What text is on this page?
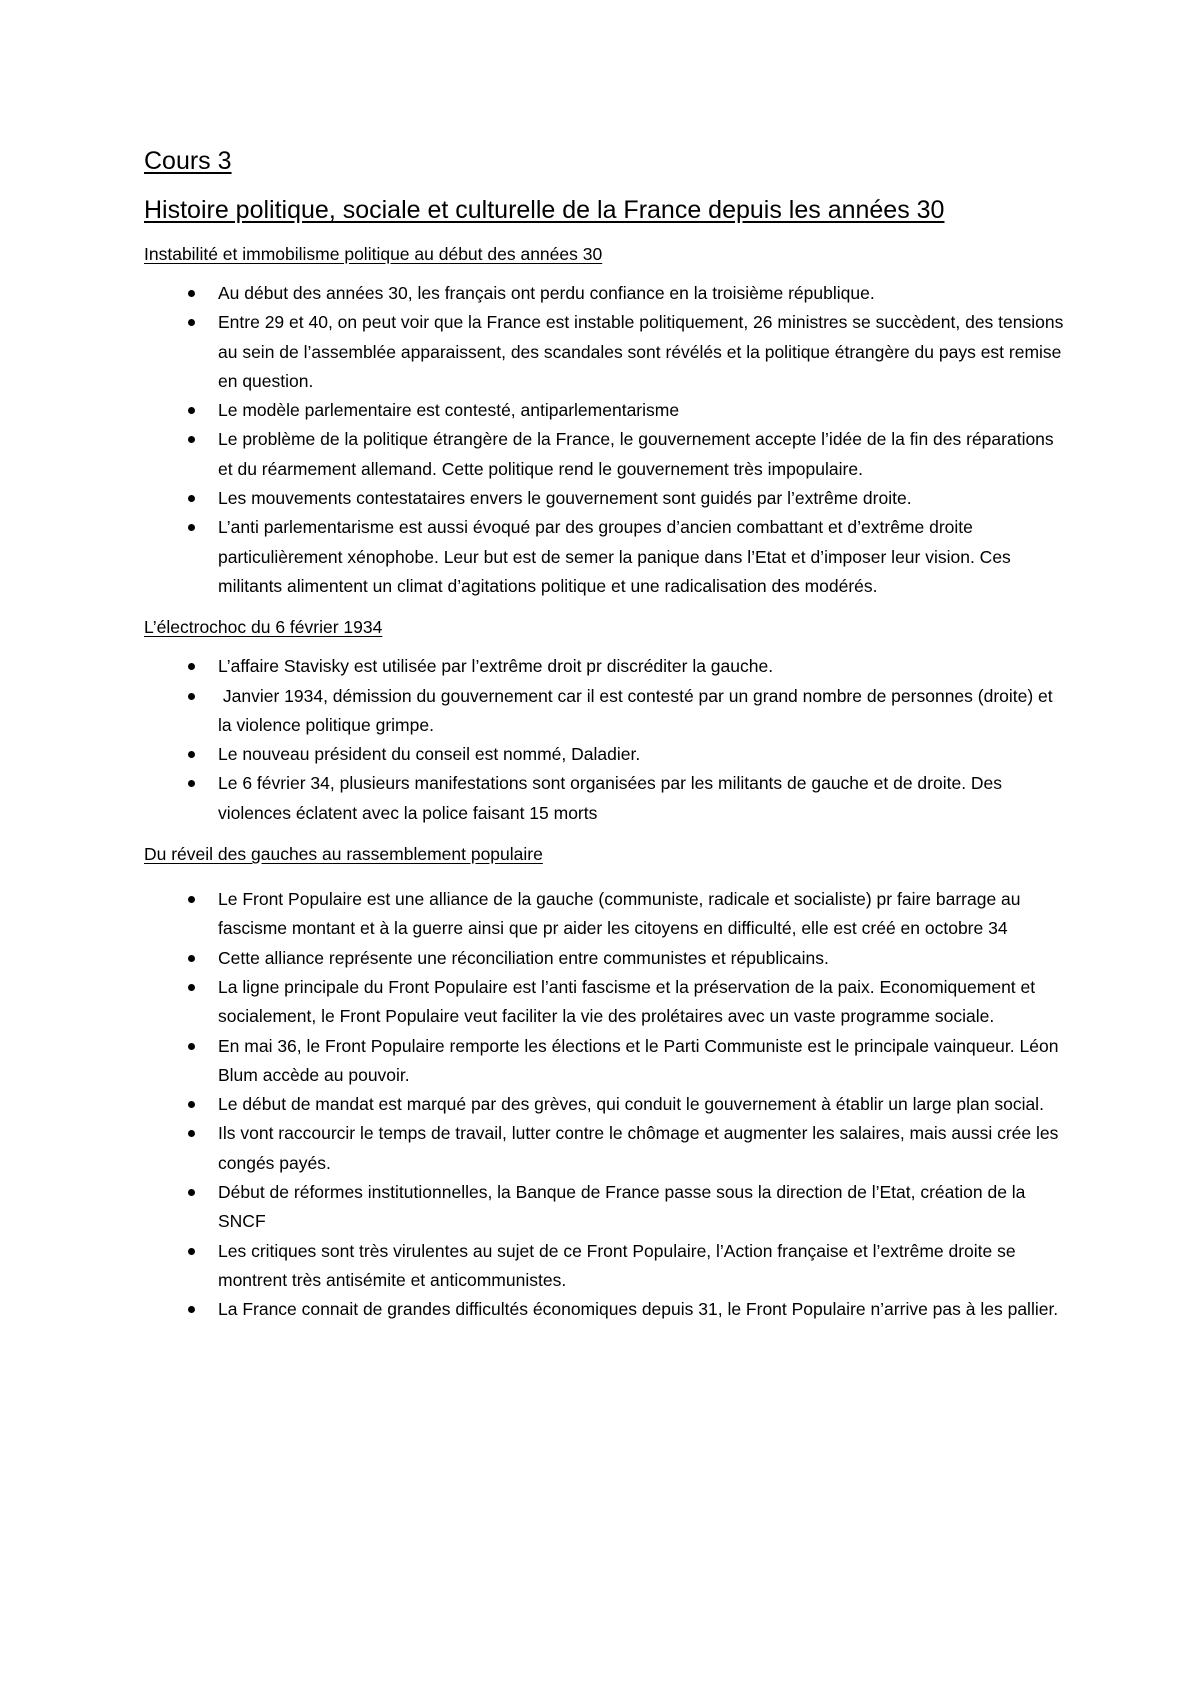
Cours 3
Histoire politique, sociale et culturelle de la France depuis les années 30
Instabilité et immobilisme politique au début des années 30
Au début des années 30, les français ont perdu confiance en la troisième république.
Entre 29 et 40, on peut voir que la France est instable politiquement, 26 ministres se succèdent, des tensions au sein de l’assemblée apparaissent, des scandales sont révélés et la politique étrangère du pays est remise en question.
Le modèle parlementaire est contesté, antiparlementarisme
Le problème de la politique étrangère de la France, le gouvernement accepte l’idée de la fin des réparations et du réarmement allemand. Cette politique rend le gouvernement très impopulaire.
Les mouvements contestataires envers le gouvernement sont guidés par l’extrême droite.
L’anti parlementarisme est aussi évoqué par des groupes d’ancien combattant et d’extrême droite particulièrement xénophobe. Leur but est de semer la panique dans l’Etat et d’imposer leur vision. Ces militants alimentent un climat d’agitations politique et une radicalisation des modérés.
L’électrochoc du 6 février 1934
L’affaire Stavisky est utilisée par l’extrême droit pr discréditer la gauche.
Janvier 1934, démission du gouvernement car il est contesté par un grand nombre de personnes (droite) et la violence politique grimpe.
Le nouveau président du conseil est nommé, Daladier.
Le 6 février 34, plusieurs manifestations sont organisées par les militants de gauche et de droite. Des violences éclatent avec la police faisant 15 morts
Du réveil des gauches au rassemblement populaire
Le Front Populaire est une alliance de la gauche (communiste, radicale et socialiste) pr faire barrage au fascisme montant et à la guerre ainsi que pr aider les citoyens en difficulté, elle est créé en octobre 34
Cette alliance représente une réconciliation entre communistes et républicains.
La ligne principale du Front Populaire est l’anti fascisme et la préservation de la paix. Economiquement et socialement, le Front Populaire veut faciliter la vie des prolétaires avec un vaste programme sociale.
En mai 36, le Front Populaire remporte les élections et le Parti Communiste est le principale vainqueur. Léon Blum accède au pouvoir.
Le début de mandat est marqué par des grèves, qui conduit le gouvernement à établir un large plan social.
Ils vont raccourcir le temps de travail, lutter contre le chômage et augmenter les salaires, mais aussi crée les congés payés.
Début de réformes institutionnelles, la Banque de France passe sous la direction de l’Etat, création de la SNCF
Les critiques sont très virulentes au sujet de ce Front Populaire, l’Action française et l’extrême droite se montrent très antisémite et anticommunistes.
La France connait de grandes difficultés économiques depuis 31, le Front Populaire n’arrive pas à les pallier.
